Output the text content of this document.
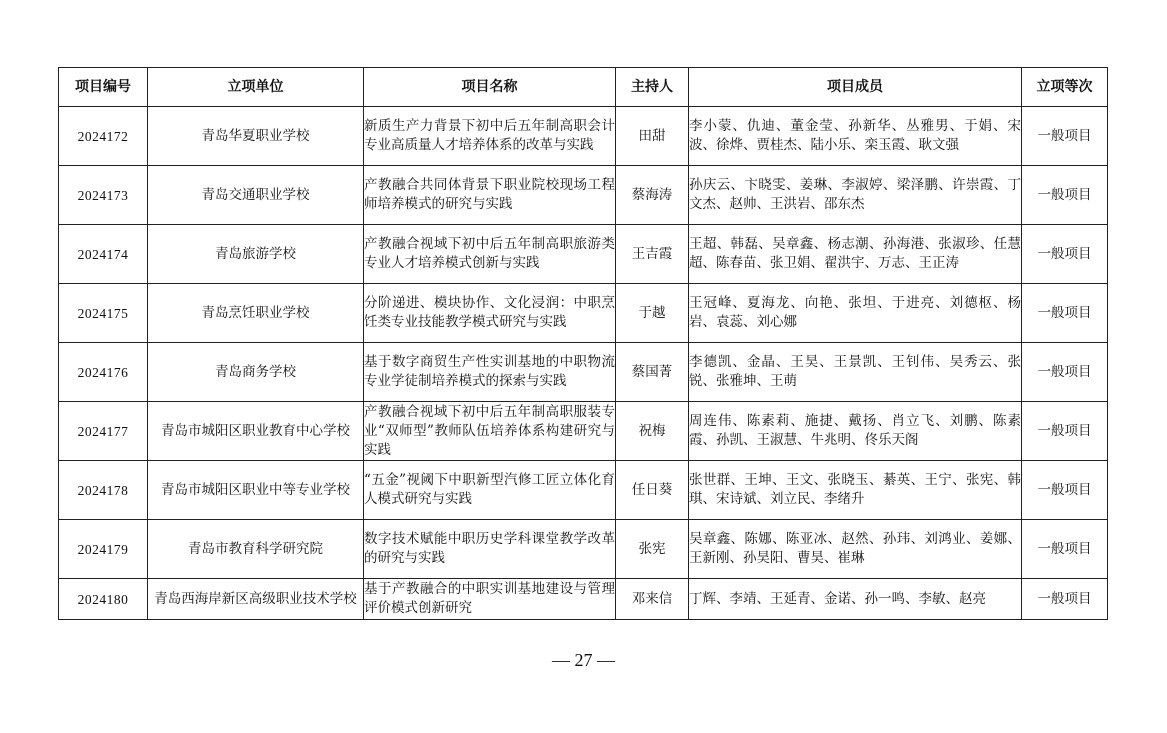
项目编号	立项单位	项目名称	主持人	项目成员	立项等次
2024172	青岛华夏职业学校	新质生产力背景下初中后五年制高职会计专业高质量人才培养体系的改革与实践	田甜	李小蒙、仇迪、董金莹、孙新华、丛雅男、于娟、宋波、徐烨、贾桂杰、陆小乐、栾玉霞、耿文强	一般项目
2024173	青岛交通职业学校	产教融合共同体背景下职业院校现场工程师培养模式的研究与实践	蔡海涛	孙庆云、卞晓雯、姜琳、李淑婷、梁泽鹏、许崇霞、丁文杰、赵帅、王洪岩、邵东杰	一般项目
2024174	青岛旅游学校	产教融合视域下初中后五年制高职旅游类专业人才培养模式创新与实践	王吉霞	王超、韩磊、吴章鑫、杨志潮、孙海港、张淑珍、任慧超、陈春苗、张卫娟、翟洪宇、万志、王正涛	一般项目
2024175	青岛烹饪职业学校	分阶递进、模块协作、文化浸润：中职烹饪类专业技能教学模式研究与实践	于越	王冠峰、夏海龙、向艳、张坦、于进亮、刘德枢、杨岩、袁蕊、刘心娜	一般项目
2024176	青岛商务学校	基于数字商贸生产性实训基地的中职物流专业学徒制培养模式的探索与实践	蔡国菁	李德凯、金晶、王昊、王景凯、王钊伟、吴秀云、张锐、张雅坤、王萌	一般项目
2024177	青岛市城阳区职业教育中心学校	产教融合视域下初中后五年制高职服装专业“双师型”教师队伍培养体系构建研究与实践	祝梅	周连伟、陈素莉、施捷、戴扬、肖立飞、刘鹏、陈素霞、孙凯、王淑慧、牛兆明、佟乐天阁	一般项目
2024178	青岛市城阳区职业中等专业学校	“五金”视阈下中职新型汽修工匠立体化育人模式研究与实践	任日葵	张世群、王坤、王文、张晓玉、綦英、王宁、张宪、韩琪、宋诗斌、刘立民、李绪升	一般项目
2024179	青岛市教育科学研究院	数字技术赋能中职历史学科课堂教学改革的研究与实践	张宪	吴章鑫、陈娜、陈亚冰、赵然、孙玮、刘鸿业、姜娜、王新刚、孙昊阳、曹昊、崔琳	一般项目
2024180	青岛西海岸新区高级职业技术学校	基于产教融合的中职实训基地建设与管理评价模式创新研究	邓来信	丁辉、李靖、王延青、金诺、孙一鸣、李敏、赵亮	一般项目
— 27 —
